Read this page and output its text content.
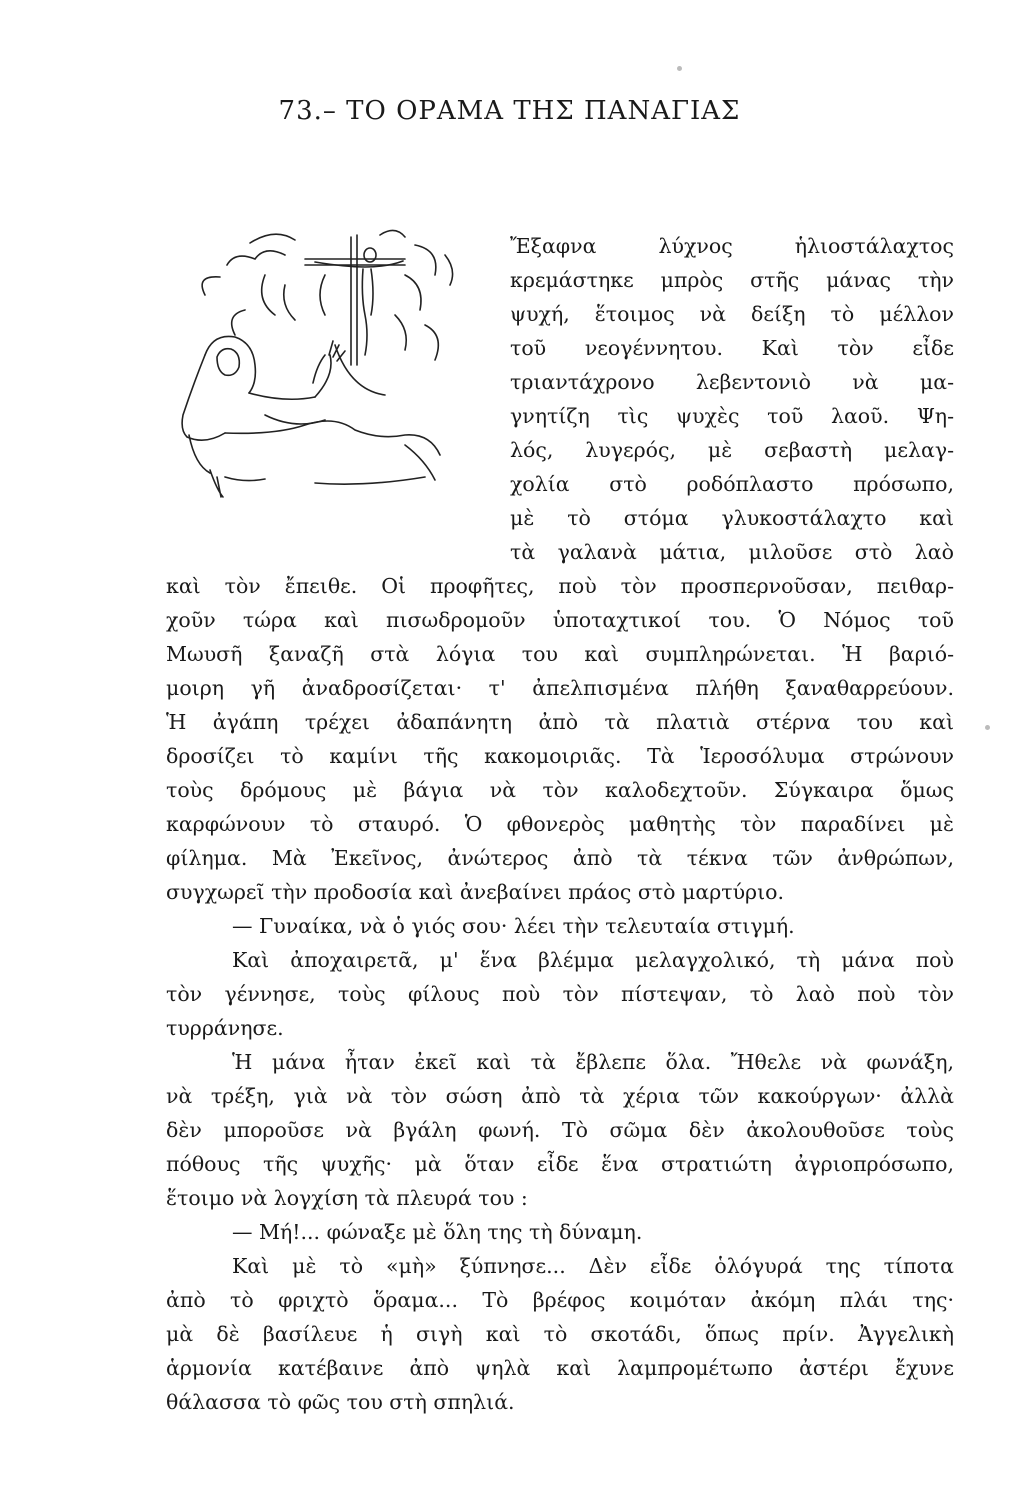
73.– ΤΟ ΟΡΑΜΑ ΤΗΣ ΠΑΝΑΓΙΑΣ
Ἔξαφνα λύχνος ἡλιοστάλαχτος
κρεμάστηκε μπρὸς στῆς μάνας τὴν
ψυχή, ἕτοιμος νὰ δείξη τὸ μέλλον
τοῦ νεογέννητου. Καὶ τὸν εἶδε
τριαντάχρονο λεβεντονιὸ νὰ μα-
γνητίζη τὶς ψυχὲς τοῦ λαοῦ. Ψη-
λός, λυγερός, μὲ σεβαστὴ μελαγ-
χολία στὸ ροδόπλαστο πρόσωπο,
μὲ τὸ στόμα γλυκοστάλαχτο καὶ
τὰ γαλανὰ μάτια, μιλοῦσε στὸ λαὸ
καὶ τὸν ἔπειθε. Οἱ προφῆτες, ποὺ τὸν προσπερνοῦσαν, πειθαρ-
χοῦν τώρα καὶ πισωδρομοῦν ὑποταχτικοί του. Ὁ Νόμος τοῦ
Μωυσῆ ξαναζῆ στὰ λόγια του καὶ συμπληρώνεται. Ἡ βαριό-
μοιρη γῆ ἀναδροσίζεται· τ' ἀπελπισμένα πλήθη ξαναθαρρεύουν.
Ἡ ἀγάπη τρέχει ἀδαπάνητη ἀπὸ τὰ πλατιὰ στέρνα του καὶ
δροσίζει τὸ καμίνι τῆς κακομοιριᾶς. Τὰ Ἱεροσόλυμα στρώνουν
τοὺς δρόμους μὲ βάγια νὰ τὸν καλοδεχτοῦν. Σύγκαιρα ὅμως
καρφώνουν τὸ σταυρό. Ὁ φθονερὸς μαθητὴς τὸν παραδίνει μὲ
φίλημα. Μὰ Ἐκεῖνος, ἀνώτερος ἀπὸ τὰ τέκνα τῶν ἀνθρώπων,
συγχωρεῖ τὴν προδοσία καὶ ἀνεβαίνει πράος στὸ μαρτύριο.
— Γυναίκα, νὰ ὁ γιός σου· λέει τὴν τελευταία στιγμή.
Καὶ ἀποχαιρετᾶ, μ' ἕνα βλέμμα μελαγχολικό, τὴ μάνα ποὺ
τὸν γέννησε, τοὺς φίλους ποὺ τὸν πίστεψαν, τὸ λαὸ ποὺ τὸν
τυρράνησε.
Ἡ μάνα ἦταν ἐκεῖ καὶ τὰ ἔβλεπε ὅλα. Ἤθελε νὰ φωνάξη,
νὰ τρέξη, γιὰ νὰ τὸν σώση ἀπὸ τὰ χέρια τῶν κακούργων· ἀλλὰ
δὲν μποροῦσε νὰ βγάλη φωνή. Τὸ σῶμα δὲν ἀκολουθοῦσε τοὺς
πόθους τῆς ψυχῆς· μὰ ὅταν εἶδε ἕνα στρατιώτη ἀγριοπρόσωπο,
ἕτοιμο νὰ λογχίση τὰ πλευρά του :
— Μή!... φώναξε μὲ ὅλη της τὴ δύναμη.
Καὶ μὲ τὸ «μὴ» ξύπνησε... Δὲν εἶδε ὁλόγυρά της τίποτα
ἀπὸ τὸ φριχτὸ ὅραμα... Τὸ βρέφος κοιμόταν ἀκόμη πλάι της·
μὰ δὲ βασίλευε ἡ σιγὴ καὶ τὸ σκοτάδι, ὅπως πρίν. Ἀγγελικὴ
ἁρμονία κατέβαινε ἀπὸ ψηλὰ καὶ λαμπρομέτωπο ἀστέρι ἔχυνε
θάλασσα τὸ φῶς του στὴ σπηλιά.
